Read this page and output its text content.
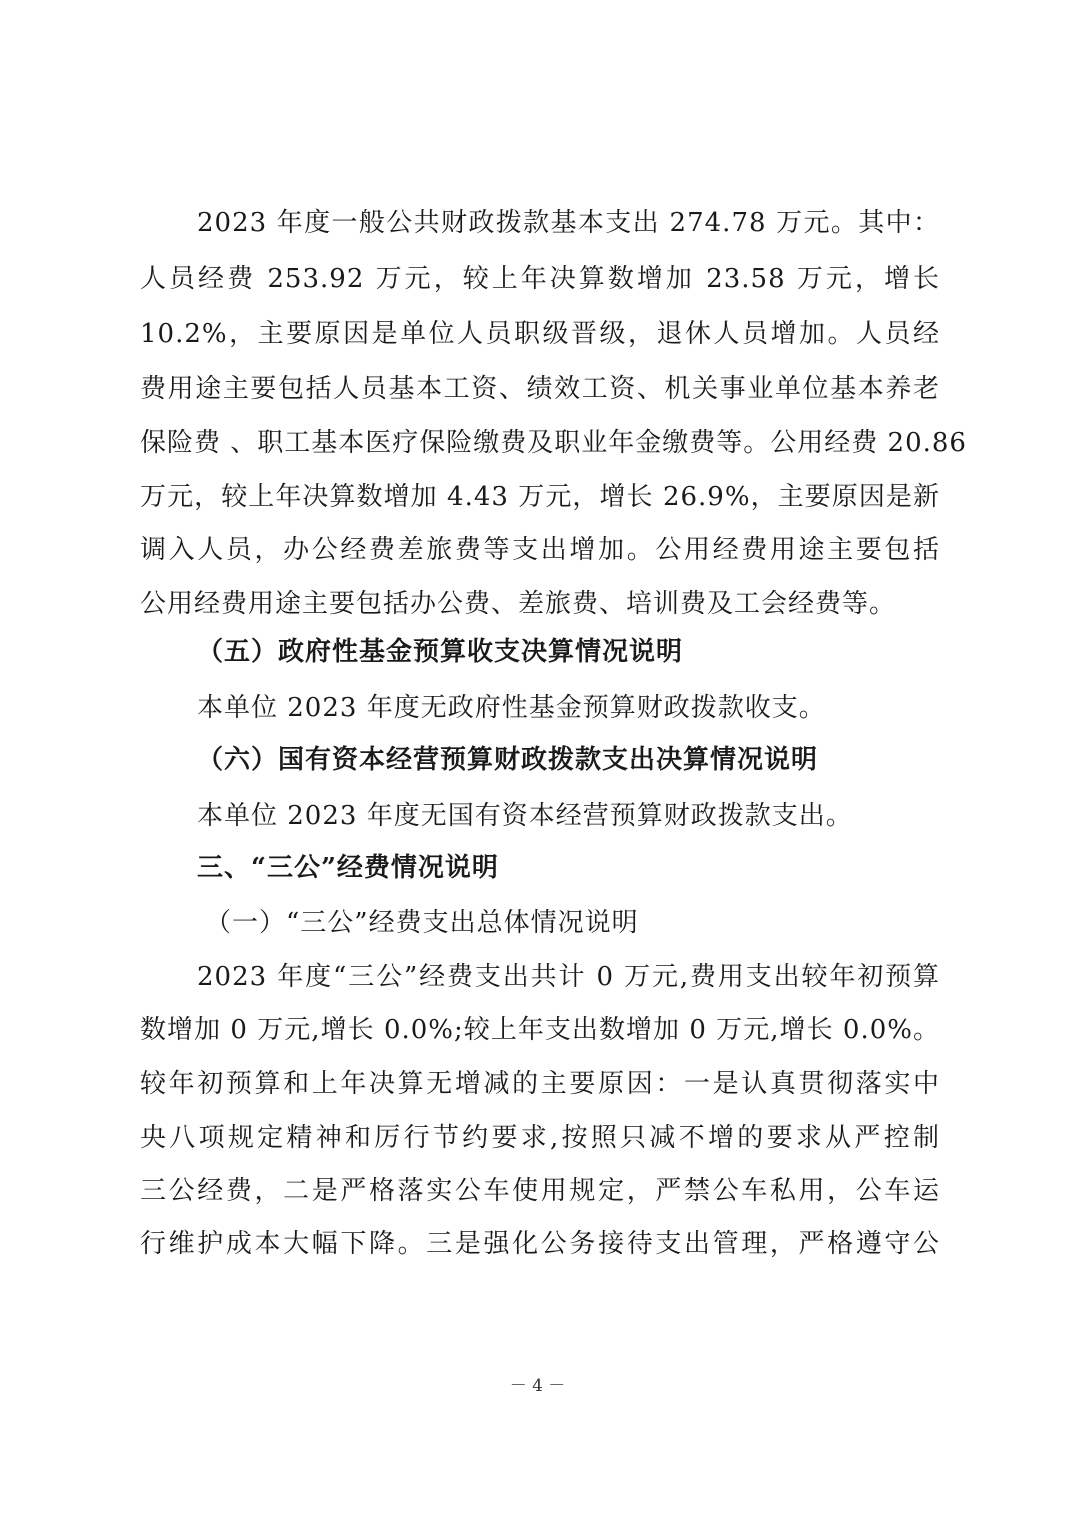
2023 年度一般公共财政拨款基本支出 274.78 万元。其中：
人员经费 253.92 万元，较上年决算数增加 23.58 万元，增长
10.2%，主要原因是单位人员职级晋级，退休人员增加。人员经
费用途主要包括人员基本工资、绩效工资、机关事业单位基本养老
保险费 、职工基本医疗保险缴费及职业年金缴费等。公用经费 20.86
万元，较上年决算数增加 4.43 万元，增长 26.9%，主要原因是新
调入人员，办公经费差旅费等支出增加。公用经费用途主要包括
公用经费用途主要包括办公费、差旅费、培训费及工会经费等。
（五）政府性基金预算收支决算情况说明
本单位 2023 年度无政府性基金预算财政拨款收支。
（六）国有资本经营预算财政拨款支出决算情况说明
本单位 2023 年度无国有资本经营预算财政拨款支出。
三、“三公”经费情况说明
（一）“三公”经费支出总体情况说明
2023 年度“三公”经费支出共计 0 万元,费用支出较年初预算
数增加 0 万元,增长 0.0%;较上年支出数增加 0 万元,增长 0.0%。
较年初预算和上年决算无增减的主要原因：一是认真贯彻落实中
央八项规定精神和厉行节约要求,按照只减不增的要求从严控制
三公经费，二是严格落实公车使用规定，严禁公车私用，公车运
行维护成本大幅下降。三是强化公务接待支出管理，严格遵守公
－ 4 －
